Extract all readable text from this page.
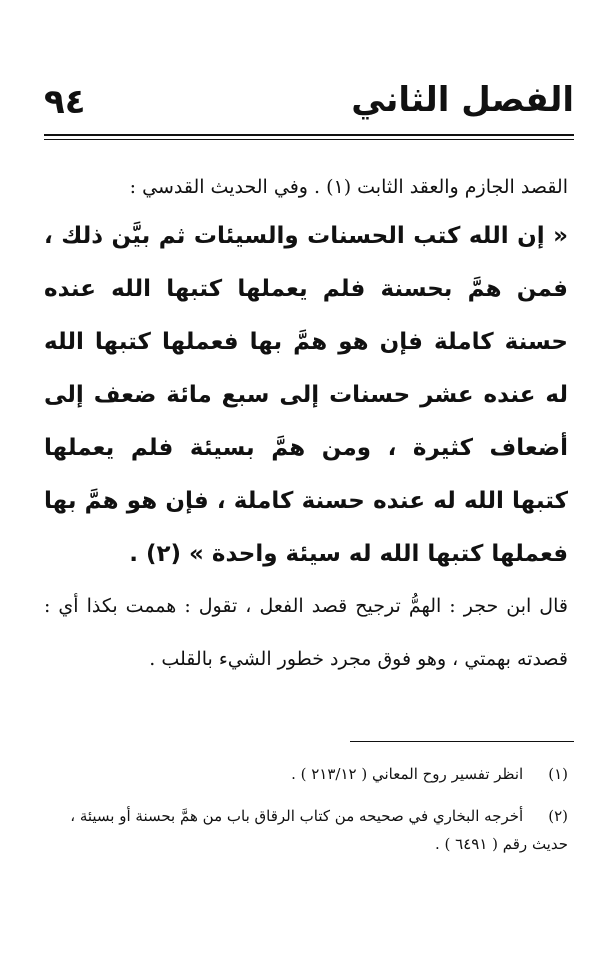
٩٤	الفصل الثاني

القصد الجازم والعقد الثابت (١) . وفي الحديث القدسي :

« إن الله كتب الحسنات والسيئات ثم بيَّن ذلك ، فمن همَّ بحسنة فلم يعملها كتبها الله عنده حسنة كاملة فإن هو همَّ بها فعملها كتبها الله له عنده عشر حسنات إلى سبع مائة ضعف إلى أضعاف كثيرة ، ومن همَّ بسيئة فلم يعملها كتبها الله له عنده حسنة كاملة ، فإن هو همَّ بها فعملها كتبها الله له سيئة واحدة » (٢) .

قال ابن حجر : الهمُّ ترجيح قصد الفعل ، تقول : هممت بكذا أي : قصدته بهمتي ، وهو فوق مجرد خطور الشيء بالقلب .

(١) انظر تفسير روح المعاني ( ٢١٣/١٢ ) .
(٢) أخرجه البخاري في صحيحه من كتاب الرقاق باب من همَّ بحسنة أو بسيئة ، حديث رقم ( ٦٤٩١ ) .
